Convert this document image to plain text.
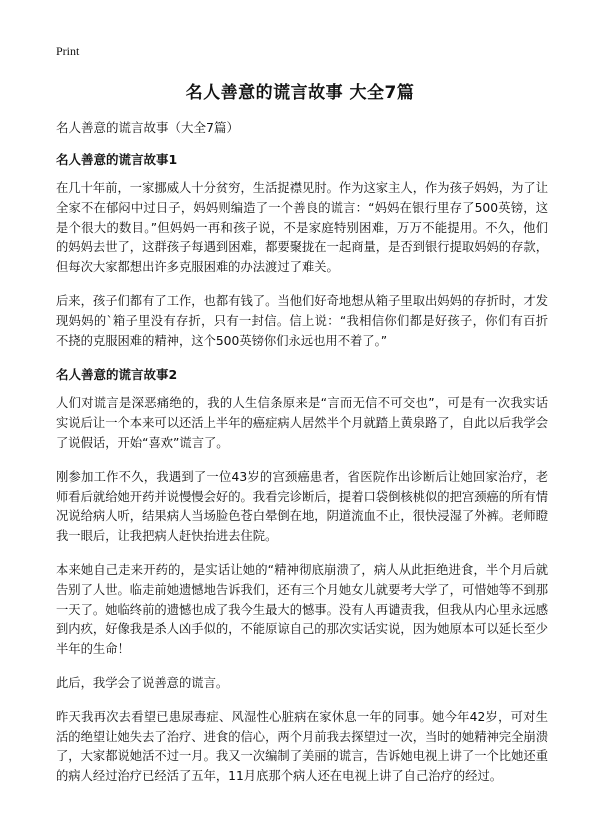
Print
名人善意的谎言故事 大全7篇
名人善意的谎言故事（大全7篇）
名人善意的谎言故事1

在几十年前，一家挪威人十分贫穷，生活捉襟见肘。作为这家主人，作为孩子妈妈，为了让全家不在郁闷中过日子，妈妈则编造了一个善良的谎言：“妈妈在银行里存了500英镑，这是个很大的数目。”但妈妈一再和孩子说，不是家庭特别困难，万万不能提用。不久，他们的妈妈去世了，这群孩子每遇到困难，都要聚拢在一起商量，是否到银行提取妈妈的存款，但每次大家都想出许多克服困难的办法渡过了难关。

后来，孩子们都有了工作，也都有钱了。当他们好奇地想从箱子里取出妈妈的存折时，才发现妈妈的`箱子里没有存折，只有一封信。信上说：“我相信你们都是好孩子，你们有百折不挠的克服困难的精神，这个500英镑你们永远也用不着了。”

名人善意的谎言故事2

人们对谎言是深恶痛绝的，我的人生信条原来是“言而无信不可交也”，可是有一次我实话实说后让一个本来可以还活上半年的癌症病人居然半个月就踏上黄泉路了，自此以后我学会了说假话，开始“喜欢”谎言了。

刚参加工作不久，我遇到了一位43岁的宫颈癌患者，省医院作出诊断后让她回家治疗，老师看后就给她开药并说慢慢会好的。我看完诊断后，提着口袋倒核桃似的把宫颈癌的所有情况说给病人听，结果病人当场脸色苍白晕倒在地，阴道流血不止，很快浸湿了外裤。老师瞪我一眼后，让我把病人赶快抬进去住院。

本来她自己走来开药的，是实话让她的“精神彻底崩溃了，病人从此拒绝进食，半个月后就告别了人世。临走前她遗憾地告诉我们，还有三个月她女儿就要考大学了，可惜她等不到那一天了。她临终前的遗憾也成了我今生最大的憾事。没有人再谴责我，但我从内心里永远感到内疚，好像我是杀人凶手似的，不能原谅自己的那次实话实说，因为她原本可以延长至少半年的生命！

此后，我学会了说善意的谎言。

昨天我再次去看望已患尿毒症、风湿性心脏病在家休息一年的同事。她今年42岁，可对生活的绝望让她失去了治疗、进食的信心，两个月前我去探望过一次，当时的她精神完全崩溃了，大家都说她活不过一月。我又一次编制了美丽的谎言，告诉她电视上讲了一个比她还重的病人经过治疗已经活了五年，11月底那个病人还在电视上讲了自己治疗的经过。
